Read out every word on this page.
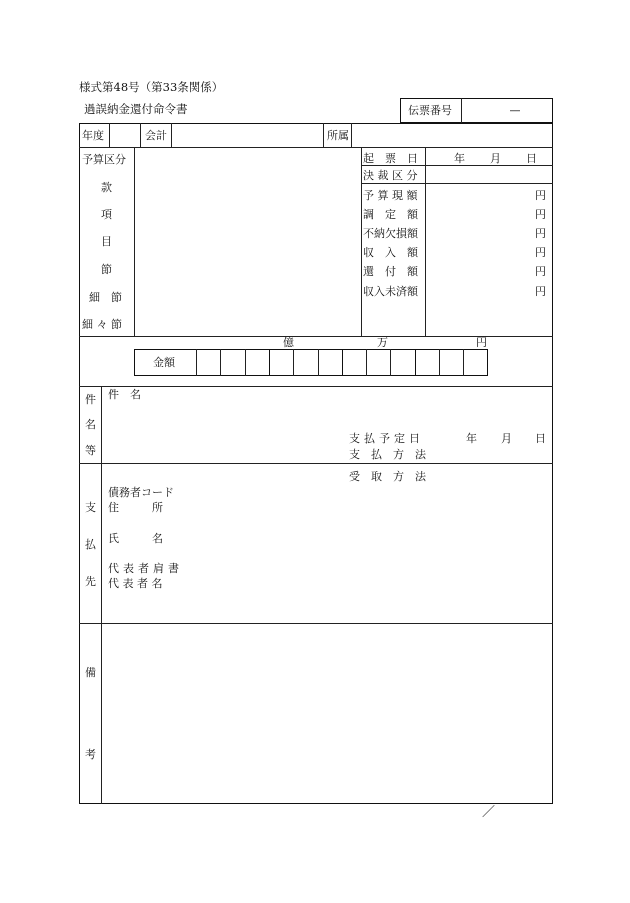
様式第48号（第33条関係）
過誤納金還付命令書	伝票番号	—
年度	会計	所属
予算区分
款
項
目
節
細　節
細 々 節
起　票　日	年 月 日
決 裁 区 分
予 算 現 額	円
調　定　額	円
不納欠損額	円
収　入　額	円
還　付　額	円
収入未済額	円
億	万	円
金額
件
名
等
件　名
支払予定日	年 月 日
支　払　方　法
受　取　方　法
支
払
先
債務者コード
住　　　所
氏　　　名
代表者肩書
代 表 者 名
備
考
／
